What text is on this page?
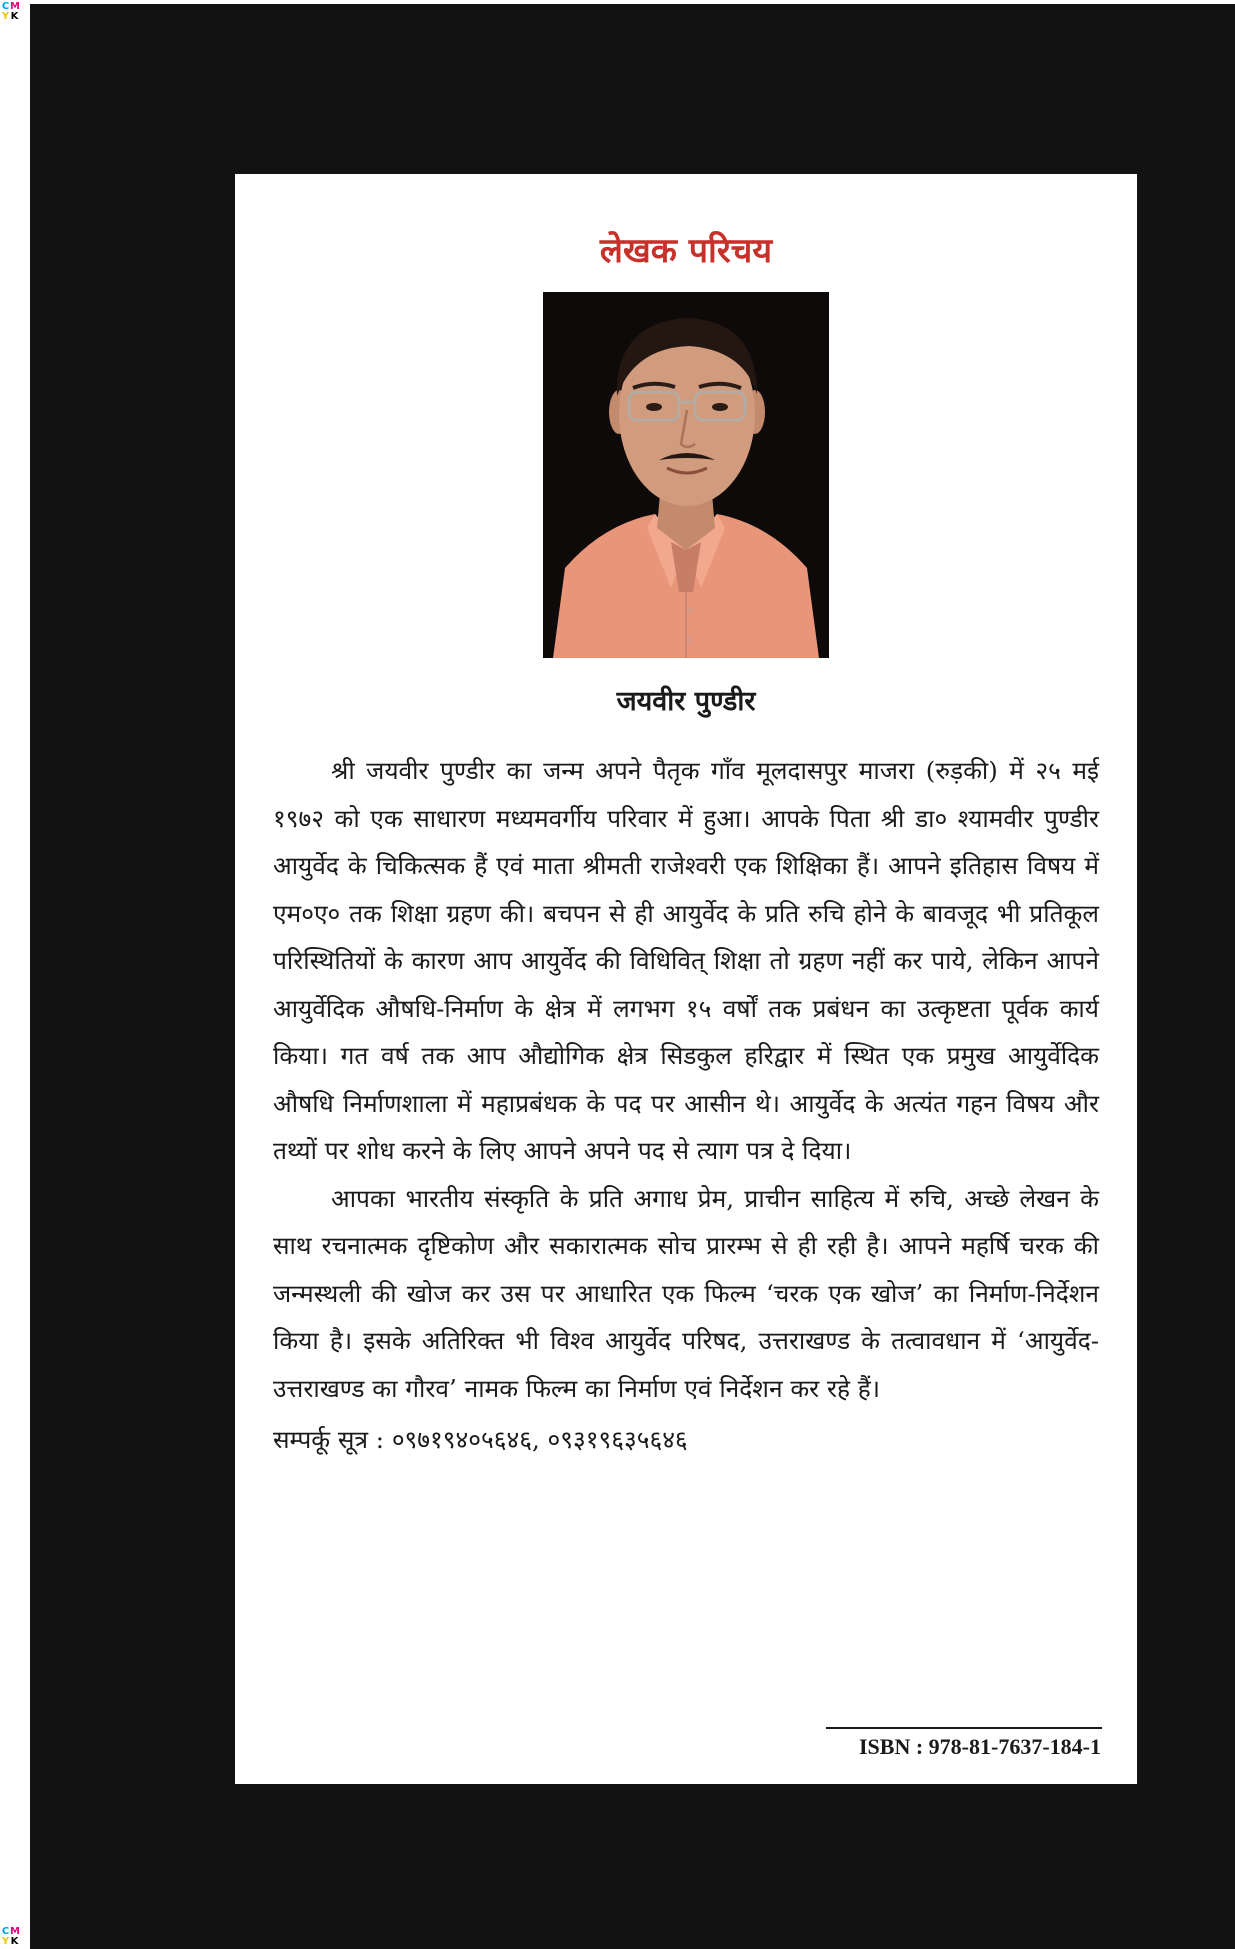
CM
Y K
CM
Y K
लेखक परिचय
जयवीर पुण्डीर

श्री जयवीर पुण्डीर का जन्म अपने पैतृक गाँव मूलदासपुर माजरा (रुड़की) में २५ मई १९७२ को एक साधारण मध्यमवर्गीय परिवार में हुआ। आपके पिता श्री डा० श्यामवीर पुण्डीर आयुर्वेद के चिकित्सक हैं एवं माता श्रीमती राजेश्वरी एक शिक्षिका हैं। आपने इतिहास विषय में एम०ए० तक शिक्षा ग्रहण की। बचपन से ही आयुर्वेद के प्रति रुचि होने के बावजूद भी प्रतिकूल परिस्थितियों के कारण आप आयुर्वेद की विधिवित् शिक्षा तो ग्रहण नहीं कर पाये, लेकिन आपने आयुर्वेदिक औषधि-निर्माण के क्षेत्र में लगभग १५ वर्षों तक प्रबंधन का उत्कृष्टता पूर्वक कार्य किया। गत वर्ष तक आप औद्योगिक क्षेत्र सिडकुल हरिद्वार में स्थित एक प्रमुख आयुर्वेदिक औषधि निर्माणशाला में महाप्रबंधक के पद पर आसीन थे। आयुर्वेद के अत्यंत गहन विषय और तथ्यों पर शोध करने के लिए आपने अपने पद से त्याग पत्र दे दिया।

आपका भारतीय संस्कृति के प्रति अगाध प्रेम, प्राचीन साहित्य में रुचि, अच्छे लेखन के साथ रचनात्मक दृष्टिकोण और सकारात्मक सोच प्रारम्भ से ही रही है। आपने महर्षि चरक की जन्मस्थली की खोज कर उस पर आधारित एक फिल्म ‘चरक एक खोज’ का निर्माण-निर्देशन किया है। इसके अतिरिक्त भी विश्व आयुर्वेद परिषद, उत्तराखण्ड के तत्वावधान में ‘आयुर्वेद-उत्तराखण्ड का गौरव’ नामक फिल्म का निर्माण एवं निर्देशन कर रहे हैं।

सम्पर्कू सूत्र : ०९७१९४०५६४६, ०९३१९६३५६४६

ISBN : 978-81-7637-184-1
